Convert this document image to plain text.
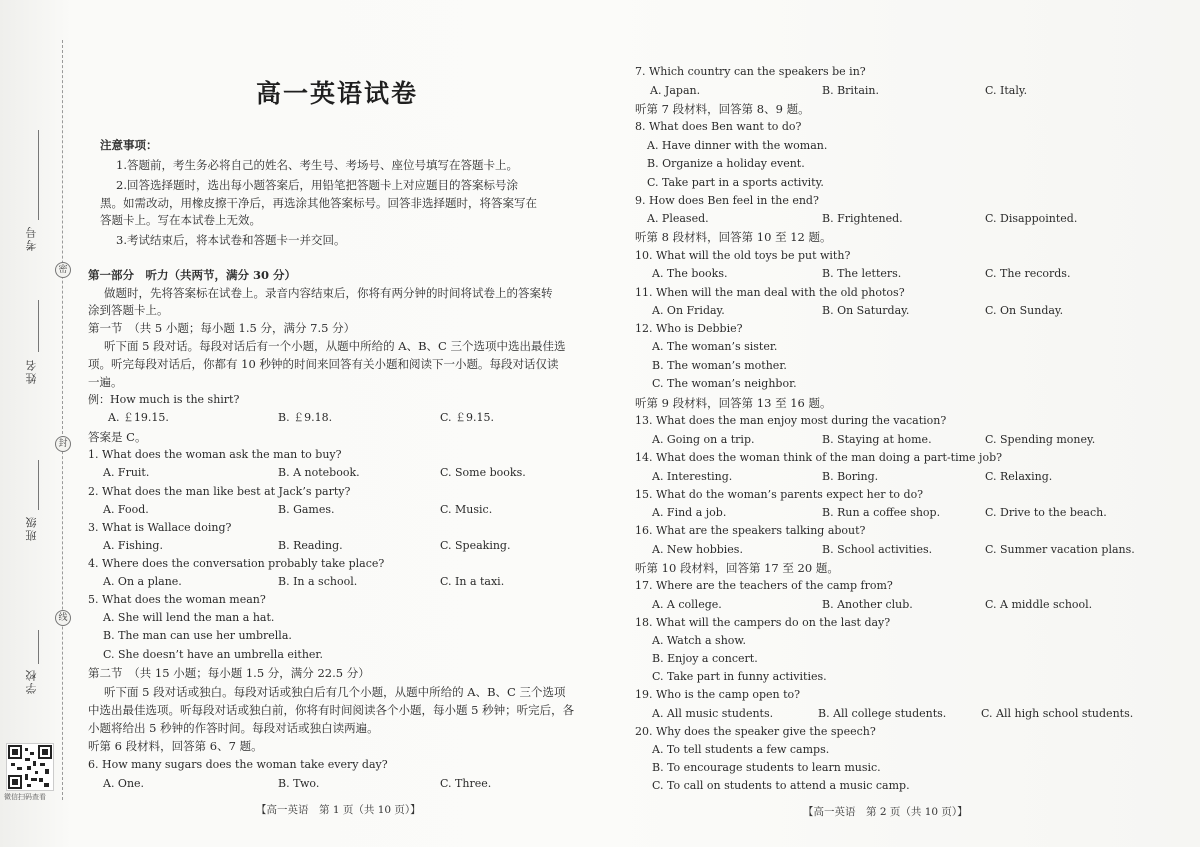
考号
密
姓名
封
班级
线
学校
微信扫码查看
高一英语试卷
注意事项：
1.答题前，考生务必将自己的姓名、考生号、考场号、座位号填写在答题卡上。
2.回答选择题时，选出每小题答案后，用铅笔把答题卡上对应题目的答案标号涂
黑。如需改动，用橡皮擦干净后，再选涂其他答案标号。回答非选择题时，将答案写在
答题卡上。写在本试卷上无效。
3.考试结束后，将本试卷和答题卡一并交回。
第一部分　听力（共两节，满分 30 分）
做题时，先将答案标在试卷上。录音内容结束后，你将有两分钟的时间将试卷上的答案转
涂到答题卡上。
第一节　（共 5 小题；每小题 1.5 分，满分 7.5 分）
听下面 5 段对话。每段对话后有一个小题，从题中所给的 A、B、C 三个选项中选出最佳选
项。听完每段对话后，你都有 10 秒钟的时间来回答有关小题和阅读下一小题。每段对话仅读
一遍。
例：How much is the shirt?
A. ￡19.15.	B. ￡9.18.	C. ￡9.15.
答案是 C。
1. What does the woman ask the man to buy?
A. Fruit.	B. A notebook.	C. Some books.
2. What does the man like best at Jack’s party?
A. Food.	B. Games.	C. Music.
3. What is Wallace doing?
A. Fishing.	B. Reading.	C. Speaking.
4. Where does the conversation probably take place?
A. On a plane.	B. In a school.	C. In a taxi.
5. What does the woman mean?
A. She will lend the man a hat.
B. The man can use her umbrella.
C. She doesn’t have an umbrella either.
第二节　（共 15 小题；每小题 1.5 分，满分 22.5 分）
听下面 5 段对话或独白。每段对话或独白后有几个小题，从题中所给的 A、B、C 三个选项
中选出最佳选项。听每段对话或独白前，你将有时间阅读各个小题，每小题 5 秒钟；听完后，各
小题将给出 5 秒钟的作答时间。每段对话或独白读两遍。
听第 6 段材料，回答第 6、7 题。
6. How many sugars does the woman take every day?
A. One.	B. Two.	C. Three.
【高一英语　第 1 页（共 10 页）】
7. Which country can the speakers be in?
A. Japan.	B. Britain.	C. Italy.
听第 7 段材料，回答第 8、9 题。
8. What does Ben want to do?
A. Have dinner with the woman.
B. Organize a holiday event.
C. Take part in a sports activity.
9. How does Ben feel in the end?
A. Pleased.	B. Frightened.	C. Disappointed.
听第 8 段材料，回答第 10 至 12 题。
10. What will the old toys be put with?
A. The books.	B. The letters.	C. The records.
11. When will the man deal with the old photos?
A. On Friday.	B. On Saturday.	C. On Sunday.
12. Who is Debbie?
A. The woman’s sister.
B. The woman’s mother.
C. The woman’s neighbor.
听第 9 段材料，回答第 13 至 16 题。
13. What does the man enjoy most during the vacation?
A. Going on a trip.	B. Staying at home.	C. Spending money.
14. What does the woman think of the man doing a part-time job?
A. Interesting.	B. Boring.	C. Relaxing.
15. What do the woman’s parents expect her to do?
A. Find a job.	B. Run a coffee shop.	C. Drive to the beach.
16. What are the speakers talking about?
A. New hobbies.	B. School activities.	C. Summer vacation plans.
听第 10 段材料，回答第 17 至 20 题。
17. Where are the teachers of the camp from?
A. A college.	B. Another club.	C. A middle school.
18. What will the campers do on the last day?
A. Watch a show.
B. Enjoy a concert.
C. Take part in funny activities.
19. Who is the camp open to?
A. All music students.	B. All college students.	C. All high school students.
20. Why does the speaker give the speech?
A. To tell students a few camps.
B. To encourage students to learn music.
C. To call on students to attend a music camp.
【高一英语　第 2 页（共 10 页）】
